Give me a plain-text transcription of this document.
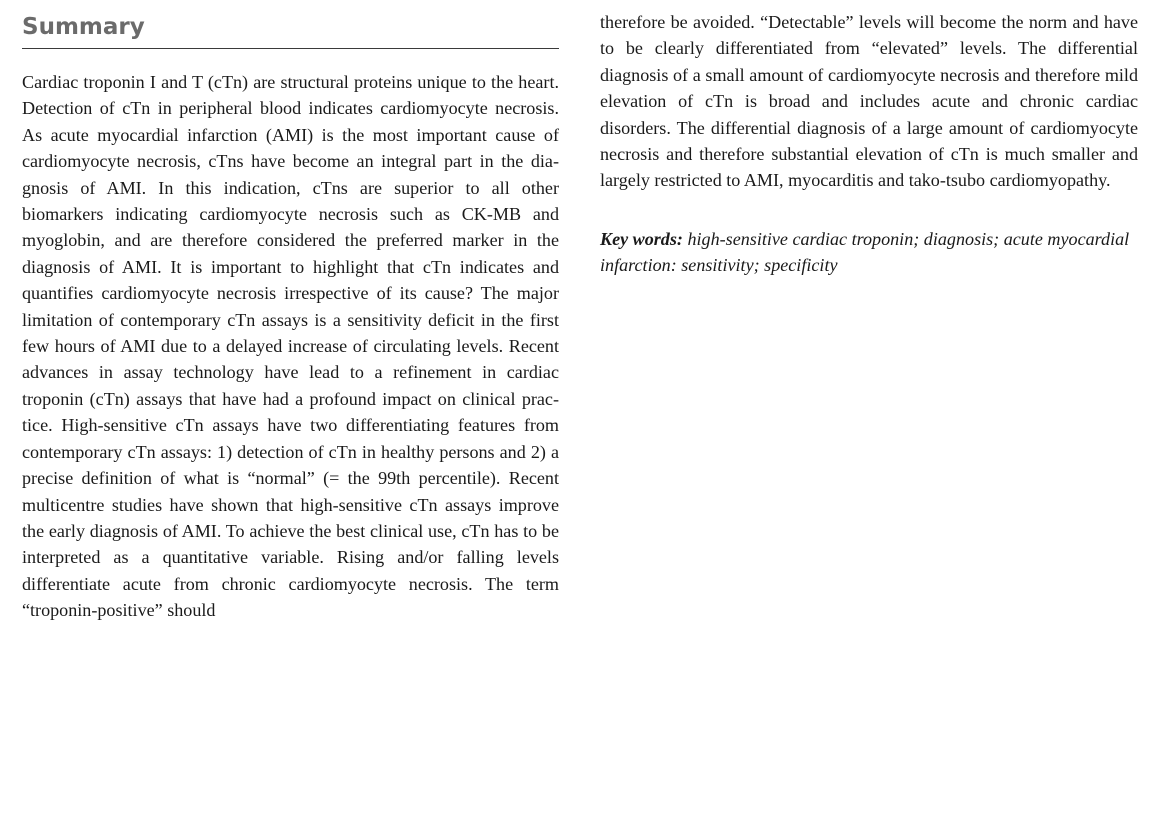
Summary

Cardiac troponin I and T (cTn) are structural proteins unique to the heart. Detection of cTn in peripheral blood indicates cardiomyocyte necrosis. As acute myocardial infarction (AMI) is the most important cause of cardiomyocyte necrosis, cTns have become an integral part in the diagnosis of AMI. In this indication, cTns are superior to all other biomarkers indicating cardiomyocyte necrosis such as CK-MB and myoglobin, and are therefore considered the preferred marker in the diagnosis of AMI. It is important to highlight that cTn indicates and quantifies cardiomyocyte necrosis irrespective of its cause? The major limitation of contemporary cTn assays is a sensitivity deficit in the first few hours of AMI due to a delayed increase of circulating levels. Recent advances in assay technology have lead to a refinement in cardiac troponin (cTn) assays that have had a profound impact on clinical practice. High-sensitive cTn assays have two differentiating features from contemporary cTn assays: 1) detection of cTn in healthy persons and 2) a precise definition of what is “normal” (= the 99th percentile). Recent multicentre studies have shown that high-sensitive cTn assays improve the early diagnosis of AMI. To achieve the best clinical use, cTn has to be interpreted as a quantitative variable. Rising and/or falling levels differentiate acute from chronic cardiomyocyte necrosis. The term “troponin-positive” should

therefore be avoided. “Detectable” levels will become the norm and have to be clearly differentiated from “elevated” levels. The differential diagnosis of a small amount of cardiomyocyte necrosis and therefore mild elevation of cTn is broad and includes acute and chronic cardiac disorders. The differential diagnosis of a large amount of cardiomyocyte necrosis and therefore substantial elevation of cTn is much smaller and largely restricted to AMI, myocarditis and tako-tsubo cardiomyopathy.

Key words: high-sensitive cardiac troponin; diagnosis; acute myocardial infarction: sensitivity; specificity
